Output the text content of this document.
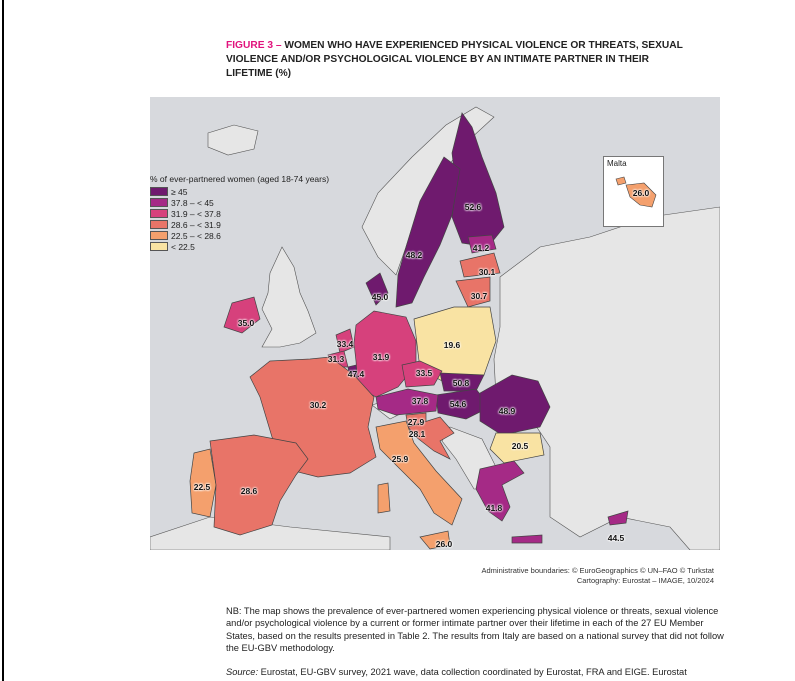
FIGURE 3 – WOMEN WHO HAVE EXPERIENCED PHYSICAL VIOLENCE OR THREATS, SEXUAL VIOLENCE AND/OR PSYCHOLOGICAL VIOLENCE BY AN INTIMATE PARTNER IN THEIR LIFETIME (%)
52.6
48.2
41.2
30.1
30.7
45.0
35.0
33.4
31.3
47.4
31.9
19.6
33.5
50.8
54.6
37.8
48.9
27.9
28.1
30.2
25.9
20.5
22.5	28.6
41.8
44.5
26.0
% of ever-partnered women (aged 18-74 years)
≥ 45
37.8 – < 45
31.9 – < 37.8
28.6 – < 31.9
22.5 – < 28.6
< 22.5
Malta
26.0
Administrative boundaries: © EuroGeographics © UN–FAO © Turkstat
Cartography: Eurostat – IMAGE, 10/2024
NB: The map shows the prevalence of ever-partnered women experiencing physical violence or threats, sexual violence and/or psychological violence by a current or former intimate partner over their lifetime in each of the 27 EU Member States, based on the results presented in Table 2. The results from Italy are based on a national survey that did not follow the EU-GBV methodology.
Source: Eurostat, EU-GBV survey, 2021 wave, data collection coordinated by Eurostat, FRA and EIGE. Eurostat
